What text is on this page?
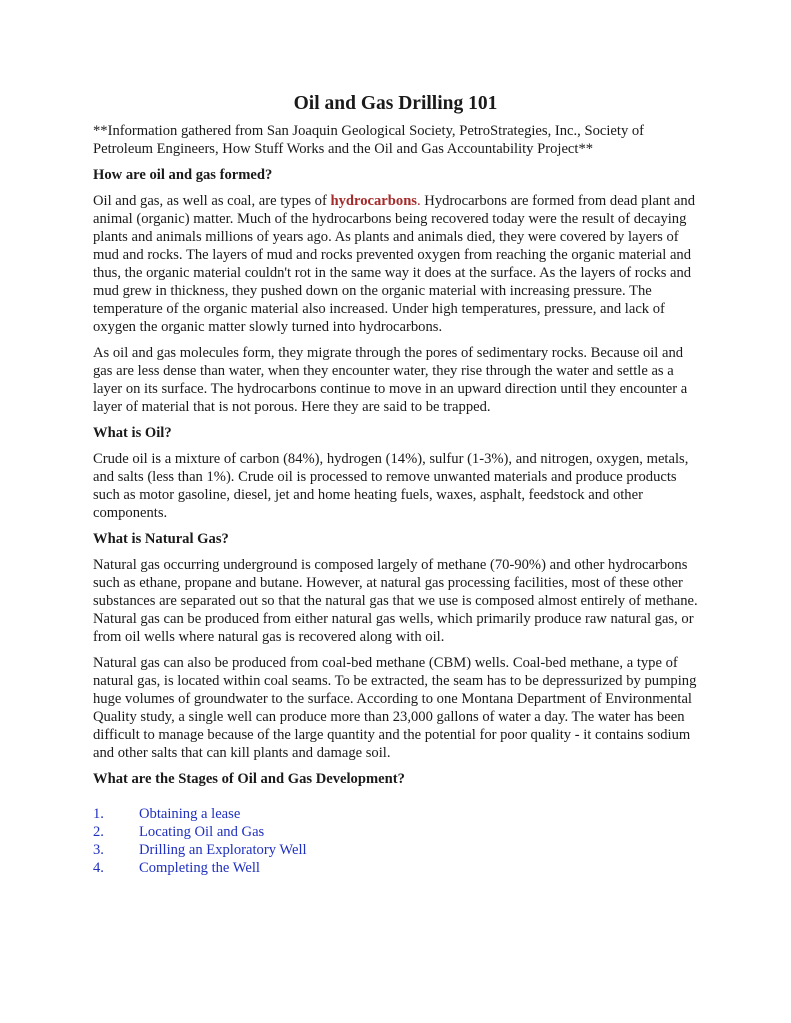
Oil and Gas Drilling 101

**Information gathered from San Joaquin Geological Society, PetroStrategies, Inc., Society of Petroleum Engineers, How Stuff Works and the Oil and Gas Accountability Project**

How are oil and gas formed?

Oil and gas, as well as coal, are types of hydrocarbons. Hydrocarbons are formed from dead plant and animal (organic) matter. Much of the hydrocarbons being recovered today were the result of decaying plants and animals millions of years ago. As plants and animals died, they were covered by layers of mud and rocks. The layers of mud and rocks prevented oxygen from reaching the organic material and thus, the organic material couldn't rot in the same way it does at the surface. As the layers of rocks and mud grew in thickness, they pushed down on the organic material with increasing pressure. The temperature of the organic material also increased. Under high temperatures, pressure, and lack of oxygen the organic matter slowly turned into hydrocarbons.

As oil and gas molecules form, they migrate through the pores of sedimentary rocks. Because oil and gas are less dense than water, when they encounter water, they rise through the water and settle as a layer on its surface. The hydrocarbons continue to move in an upward direction until they encounter a layer of material that is not porous. Here they are said to be trapped.

What is Oil?

Crude oil is a mixture of carbon (84%), hydrogen (14%), sulfur (1-3%), and nitrogen, oxygen, metals, and salts (less than 1%). Crude oil is processed to remove unwanted materials and produce products such as motor gasoline, diesel, jet and home heating fuels, waxes, asphalt, feedstock and other components.

What is Natural Gas?

Natural gas occurring underground is composed largely of methane (70-90%) and other hydrocarbons such as ethane, propane and butane. However, at natural gas processing facilities, most of these other substances are separated out so that the natural gas that we use is composed almost entirely of methane. Natural gas can be produced from either natural gas wells, which primarily produce raw natural gas, or from oil wells where natural gas is recovered along with oil.

Natural gas can also be produced from coal-bed methane (CBM) wells. Coal-bed methane, a type of natural gas, is located within coal seams. To be extracted, the seam has to be depressurized by pumping huge volumes of groundwater to the surface. According to one Montana Department of Environmental Quality study, a single well can produce more than 23,000 gallons of water a day. The water has been difficult to manage because of the large quantity and the potential for poor quality - it contains sodium and other salts that can kill plants and damage soil.

What are the Stages of Oil and Gas Development?

1.	Obtaining a lease
2.	Locating Oil and Gas
3.	Drilling an Exploratory Well
4.	Completing the Well
